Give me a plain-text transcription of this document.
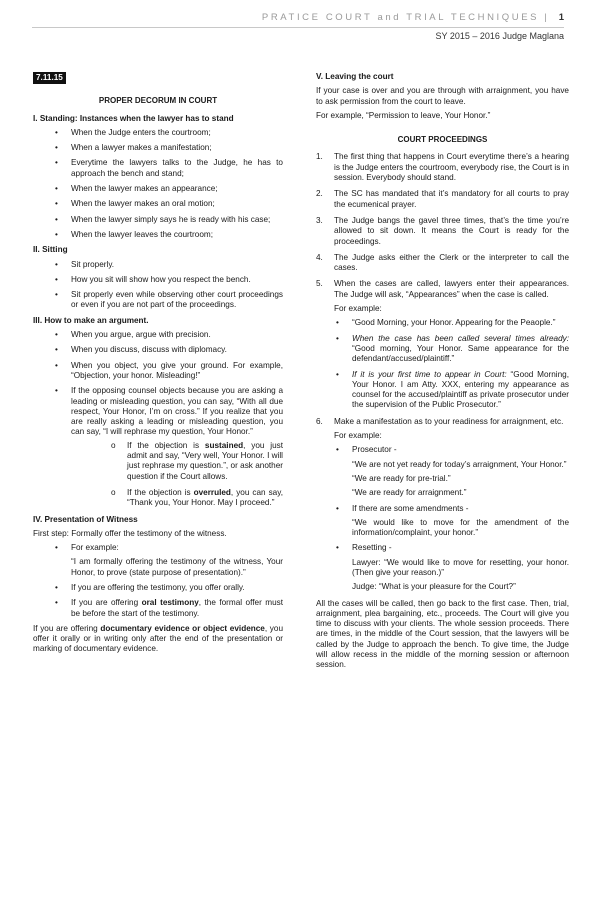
PRATICE COURT and TRIAL TECHNIQUES | 1
SY 2015 – 2016 Judge Maglana
7.11.15
PROPER DECORUM IN COURT
I. Standing: Instances when the lawyer has to stand
• When the Judge enters the courtroom;
• When a lawyer makes a manifestation;
• Everytime the lawyers talks to the Judge, he has to approach the bench and stand;
• When the lawyer makes an appearance;
• When the lawyer makes an oral motion;
• When the lawyer simply says he is ready with his case;
• When the lawyer leaves the courtroom;
II. Sitting
• Sit properly.
• How you sit will show how you respect the bench.
• Sit properly even while observing other court proceedings or even if you are not part of the proceedings.
III. How to make an argument.
• When you argue, argue with precision.
• When you discuss, discuss with diplomacy.
• When you object, you give your ground. For example, “Objection, your honor. Misleading!”
• If the opposing counsel objects because you are asking a leading or misleading question, you can say, “With all due respect, Your Honor, I’m on cross.” If you realize that you are really asking a leading or misleading question, you can say, “I will rephrase my question, Your Honor.”
o If the objection is sustained, you just admit and say, “Very well, Your Honor. I will just rephrase my question.”, or ask another question if the Court allows.
o If the objection is overruled, you can say, “Thank you, Your Honor. May I proceed.”
IV. Presentation of Witness

First step: Formally offer the testimony of the witness.

• For example:

“I am formally offering the testimony of the witness, Your Honor, to prove (state purpose of presentation).”

• If you are offering the testimony, you offer orally.
• If you are offering oral testimony, the formal offer must be before the start of the testimony.

If you are offering documentary evidence or object evidence, you offer it orally or in writing only after the end of the presentation or marking of documentary evidence.

V. Leaving the court

If your case is over and you are through with arraignment, you have to ask permission from the court to leave.

For example, “Permission to leave, Your Honor.”

COURT PROCEEDINGS
1. The first thing that happens in Court everytime there’s a hearing is the Judge enters the courtroom, everybody rise, the Court is in session. Everybody should stand.
2. The SC has mandated that it’s mandatory for all courts to pray the ecumenical prayer.
3. The Judge bangs the gavel three times, that’s the time you’re allowed to sit down. It means the Court is ready for the proceedings.
4. The Judge asks either the Clerk or the interpreter to call the cases.
5. When the cases are called, lawyers enter their appearances. The Judge will ask, “Appearances” when the case is called.

For example:

• “Good Morning, your Honor. Appearing for the Peaople.”
• When the case has been called several times already: “Good morning, Your Honor. Same appearance for the defendant/accused/plaintiff.”
• If it is your first time to appear in Court: “Good Morning, Your Honor. I am Atty. XXX, entering my appearance as counsel for the accused/plaintiff as private prosecutor under the supervision of the Public Prosecutor.”
6. Make a manifestation as to your readiness for arraignment, etc.

For example:

• Prosecutor -

“We are not yet ready for today’s arraignment, Your Honor.”

“We are ready for pre-trial.”

“We are ready for arraignment.”

• If there are some amendments -

“We would like to move for the amendment of the information/complaint, your honor.”

• Resetting -

Lawyer: “We would like to move for resetting, your honor. (Then give your reason.)”

Judge: “What is your pleasure for the Court?”

All the cases will be called, then go back to the first case. Then, trial, arraignment, plea bargaining, etc., proceeds. The Court will give you time to discuss with your clients. The whole session proceeds. There are times, in the middle of the Court session, that the lawyers will be called by the Judge to approach the bench. To give time, the Judge will allow recess in the middle of the morning session or afternoon session.
